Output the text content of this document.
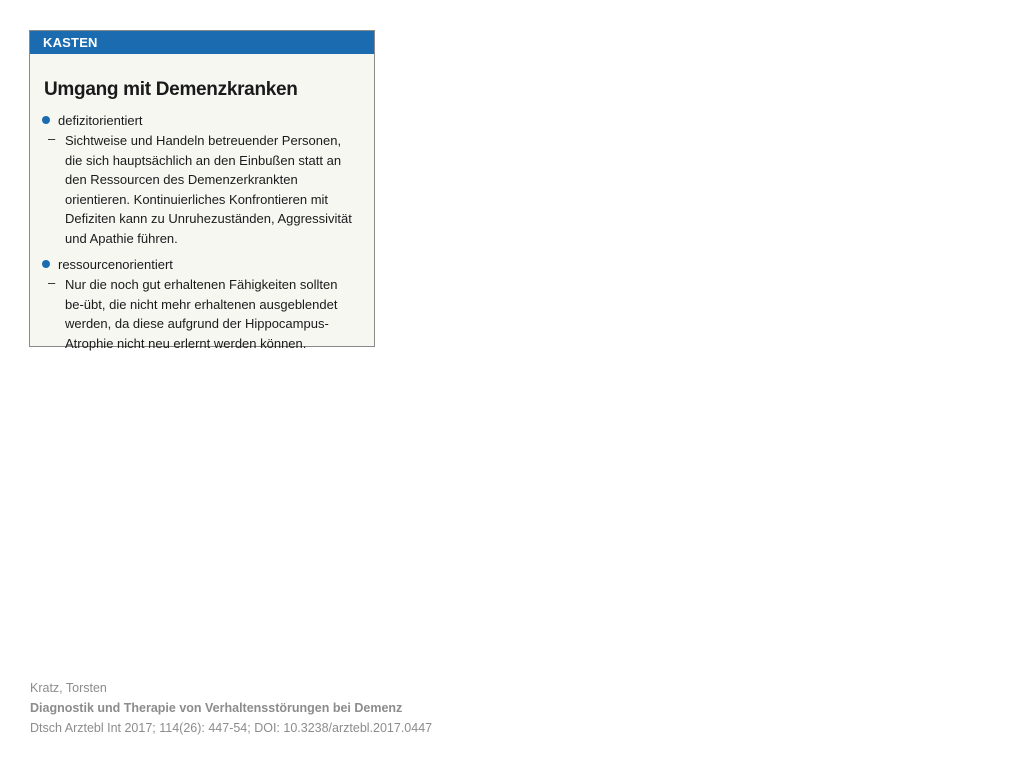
KASTEN
Umgang mit Demenzkranken
defizitorientiert
– Sichtweise und Handeln betreuender Personen, die sich hauptsächlich an den Einbußen statt an den Ressourcen des Demenzerkrankten orientieren. Kontinuierliches Konfrontieren mit Defiziten kann zu Unruhezuständen, Aggressivität und Apathie führen.
ressourcenorientiert
– Nur die noch gut erhaltenen Fähigkeiten sollten be-übt, die nicht mehr erhaltenen ausgeblendet werden, da diese aufgrund der Hippocampus-Atrophie nicht neu erlernt werden können.
Kratz, Torsten
Diagnostik und Therapie von Verhaltensstörungen bei Demenz
Dtsch Arztebl Int 2017; 114(26): 447-54; DOI: 10.3238/arztebl.2017.0447
